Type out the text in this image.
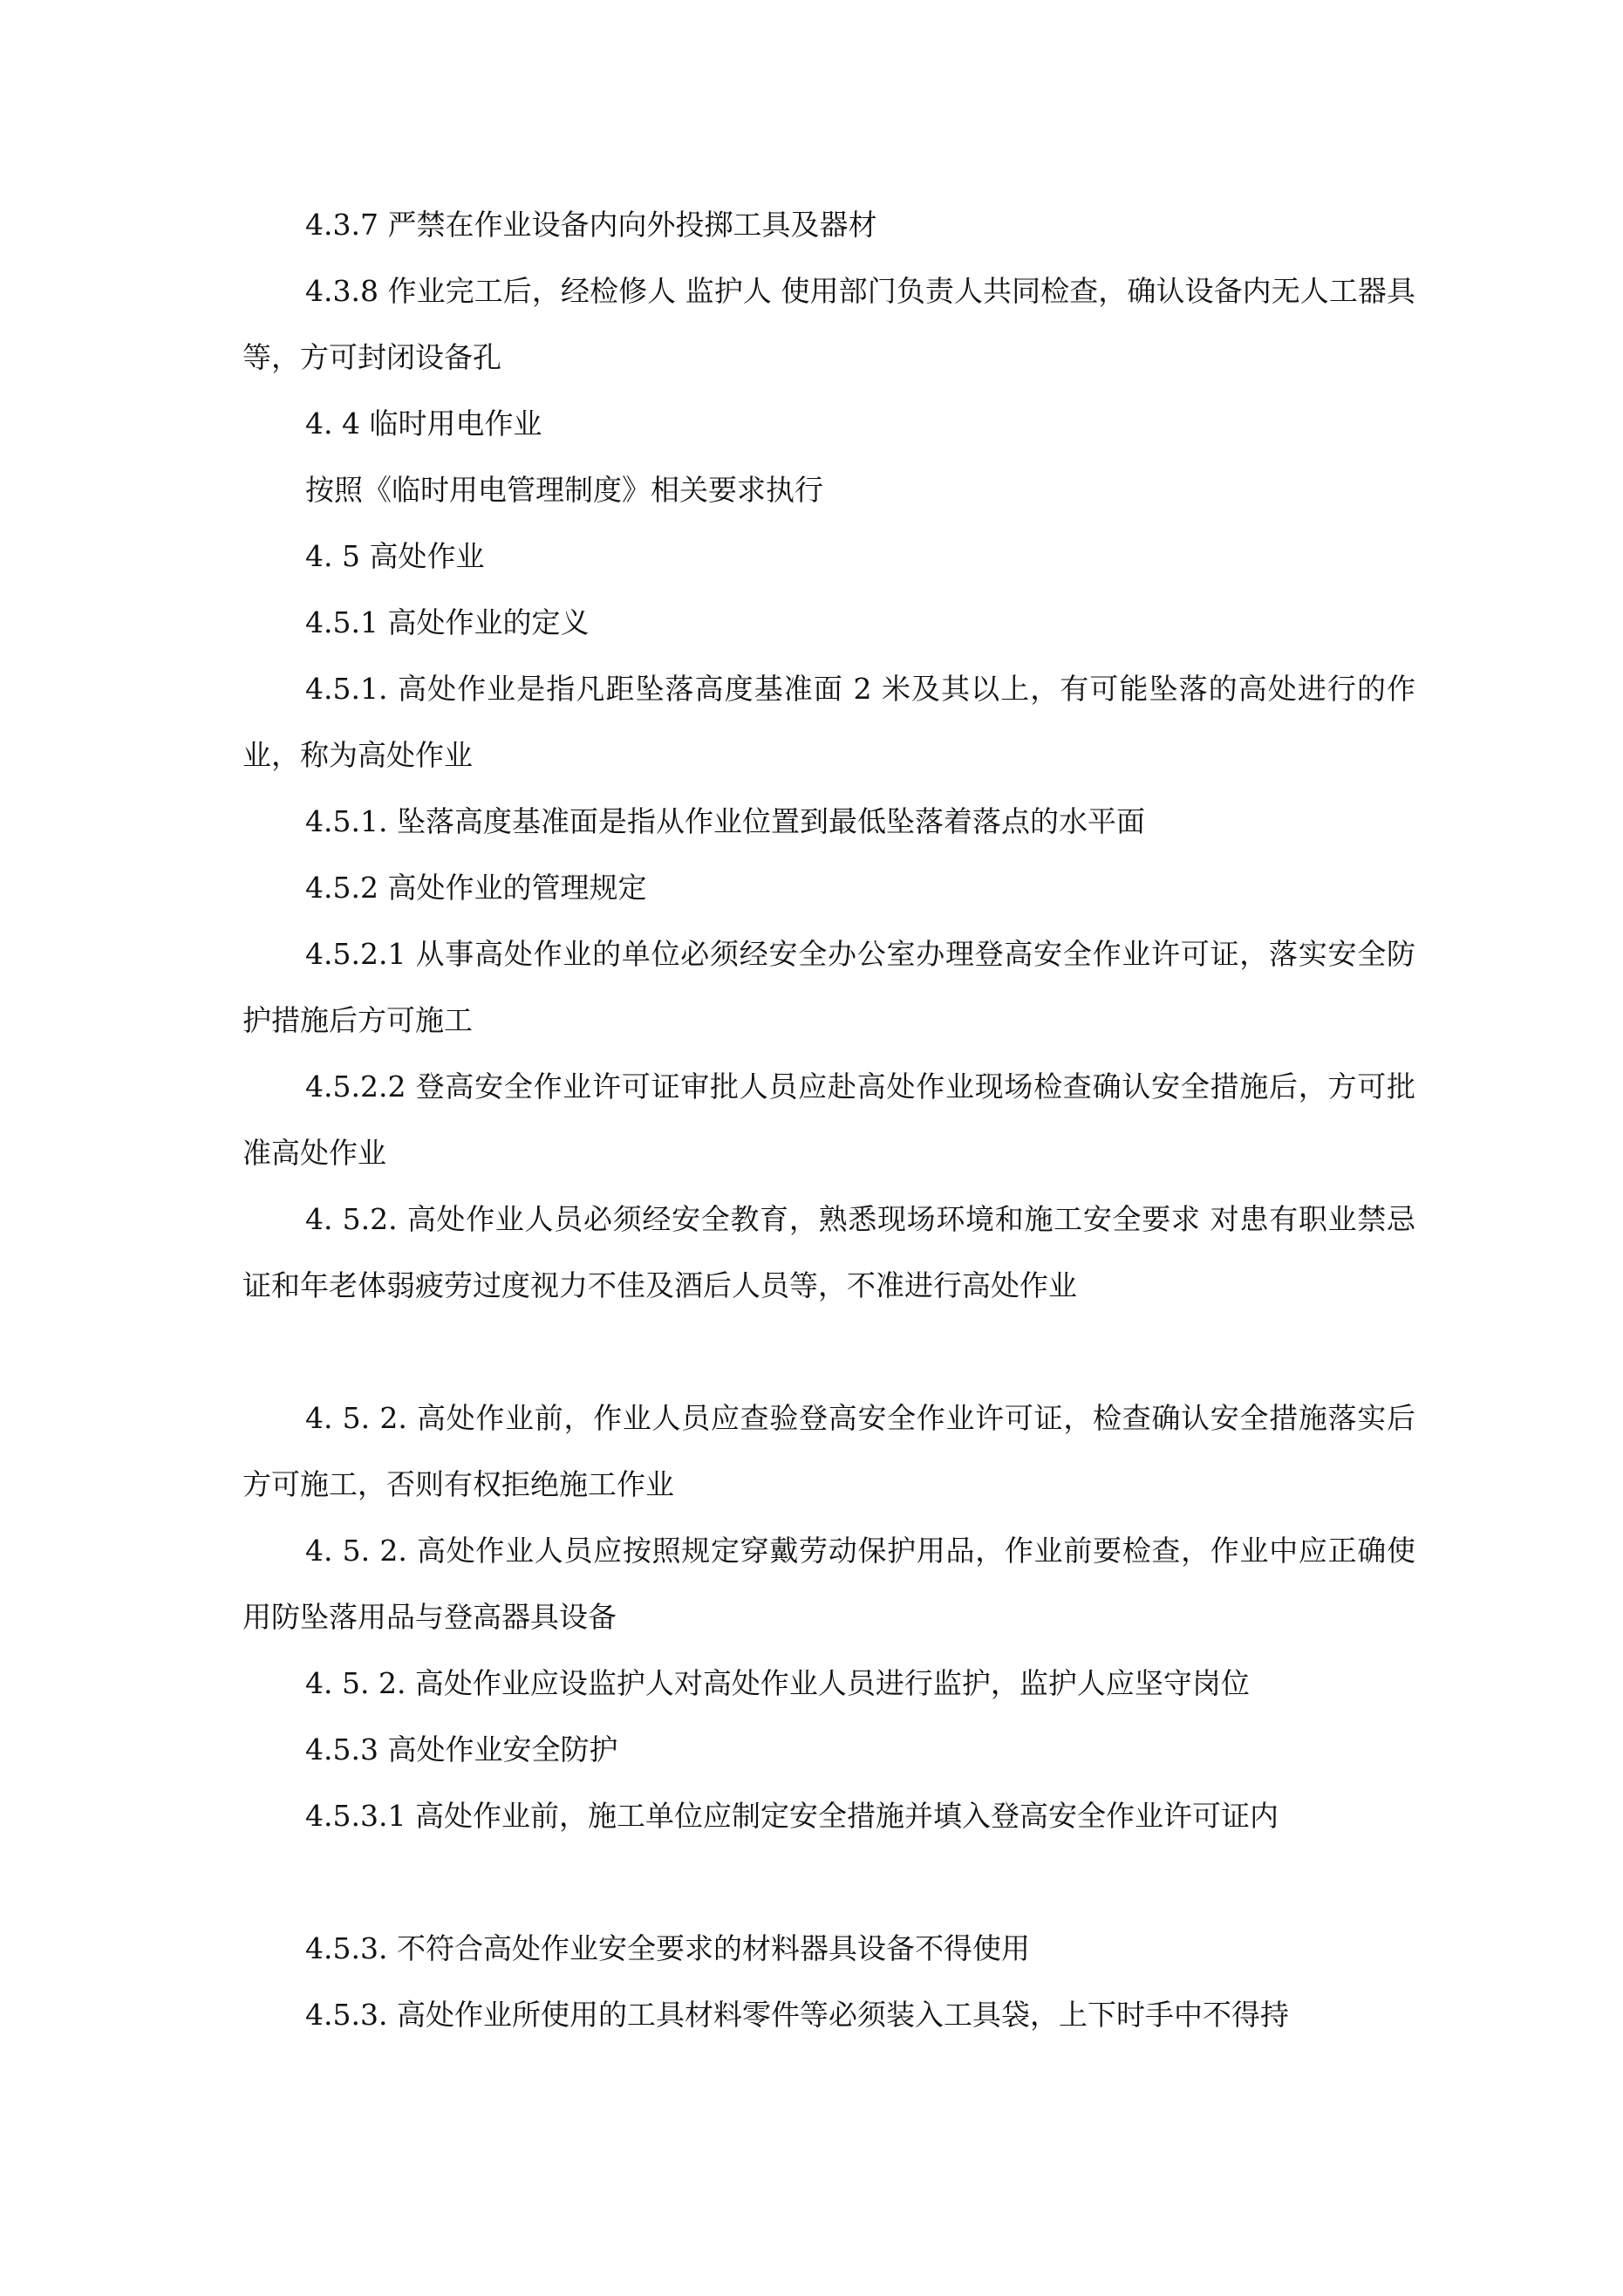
4.3.7 严禁在作业设备内向外投掷工具及器材

4.3.8 作业完工后，经检修人 监护人 使用部门负责人共同检查，确认设备内无人工器具等，方可封闭设备孔

4. 4 临时用电作业

按照《临时用电管理制度》相关要求执行

4. 5 高处作业

4.5.1 高处作业的定义

4.5.1. 高处作业是指凡距坠落高度基准面 2 米及其以上，有可能坠落的高处进行的作业，称为高处作业

4.5.1. 坠落高度基准面是指从作业位置到最低坠落着落点的水平面

4.5.2 高处作业的管理规定

4.5.2.1 从事高处作业的单位必须经安全办公室办理登高安全作业许可证，落实安全防护措施后方可施工

4.5.2.2 登高安全作业许可证审批人员应赴高处作业现场检查确认安全措施后，方可批准高处作业

4. 5.2. 高处作业人员必须经安全教育，熟悉现场环境和施工安全要求 对患有职业禁忌证和年老体弱疲劳过度视力不佳及酒后人员等，不准进行高处作业

4. 5. 2. 高处作业前，作业人员应查验登高安全作业许可证，检查确认安全措施落实后方可施工，否则有权拒绝施工作业

4. 5. 2. 高处作业人员应按照规定穿戴劳动保护用品，作业前要检查，作业中应正确使用防坠落用品与登高器具设备

4. 5. 2. 高处作业应设监护人对高处作业人员进行监护，监护人应坚守岗位

4.5.3 高处作业安全防护

4.5.3.1 高处作业前，施工单位应制定安全措施并填入登高安全作业许可证内

4.5.3. 不符合高处作业安全要求的材料器具设备不得使用

4.5.3. 高处作业所使用的工具材料零件等必须装入工具袋，上下时手中不得持
